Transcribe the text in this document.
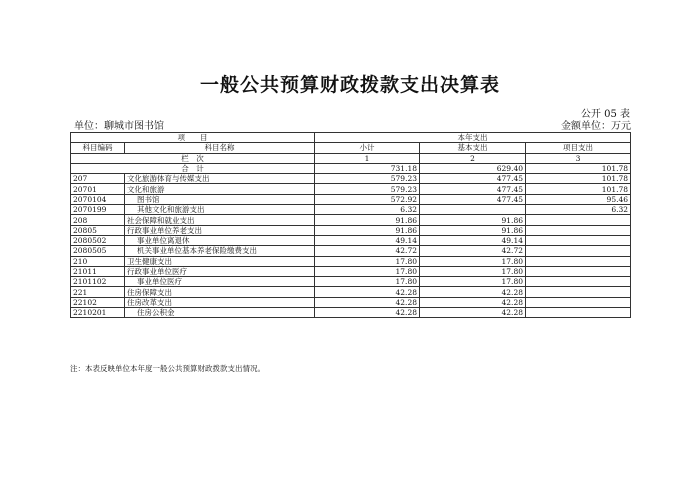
一般公共预算财政拨款支出决算表
公开 05 表
单位：聊城市图书馆	金额单位：万元
项　　目		本年支出		
科目编码	科目名称	小计	基本支出	项目支出
栏　次		1	2	3
合　计		731.18	629.40	101.78
207	文化旅游体育与传媒支出	579.23	477.45	101.78
20701	文化和旅游	579.23	477.45	101.78
2070104	图书馆	572.92	477.45	95.46
2070199	其他文化和旅游支出	6.32		6.32
208	社会保障和就业支出	91.86	91.86	
20805	行政事业单位养老支出	91.86	91.86	
2080502	事业单位离退休	49.14	49.14	
2080505	机关事业单位基本养老保险缴费支出	42.72	42.72	
210	卫生健康支出	17.80	17.80	
21011	行政事业单位医疗	17.80	17.80	
2101102	事业单位医疗	17.80	17.80	
221	住房保障支出	42.28	42.28	
22102	住房改革支出	42.28	42.28	
2210201	住房公积金	42.28	42.28	
注：本表反映单位本年度一般公共预算财政拨款支出情况。
